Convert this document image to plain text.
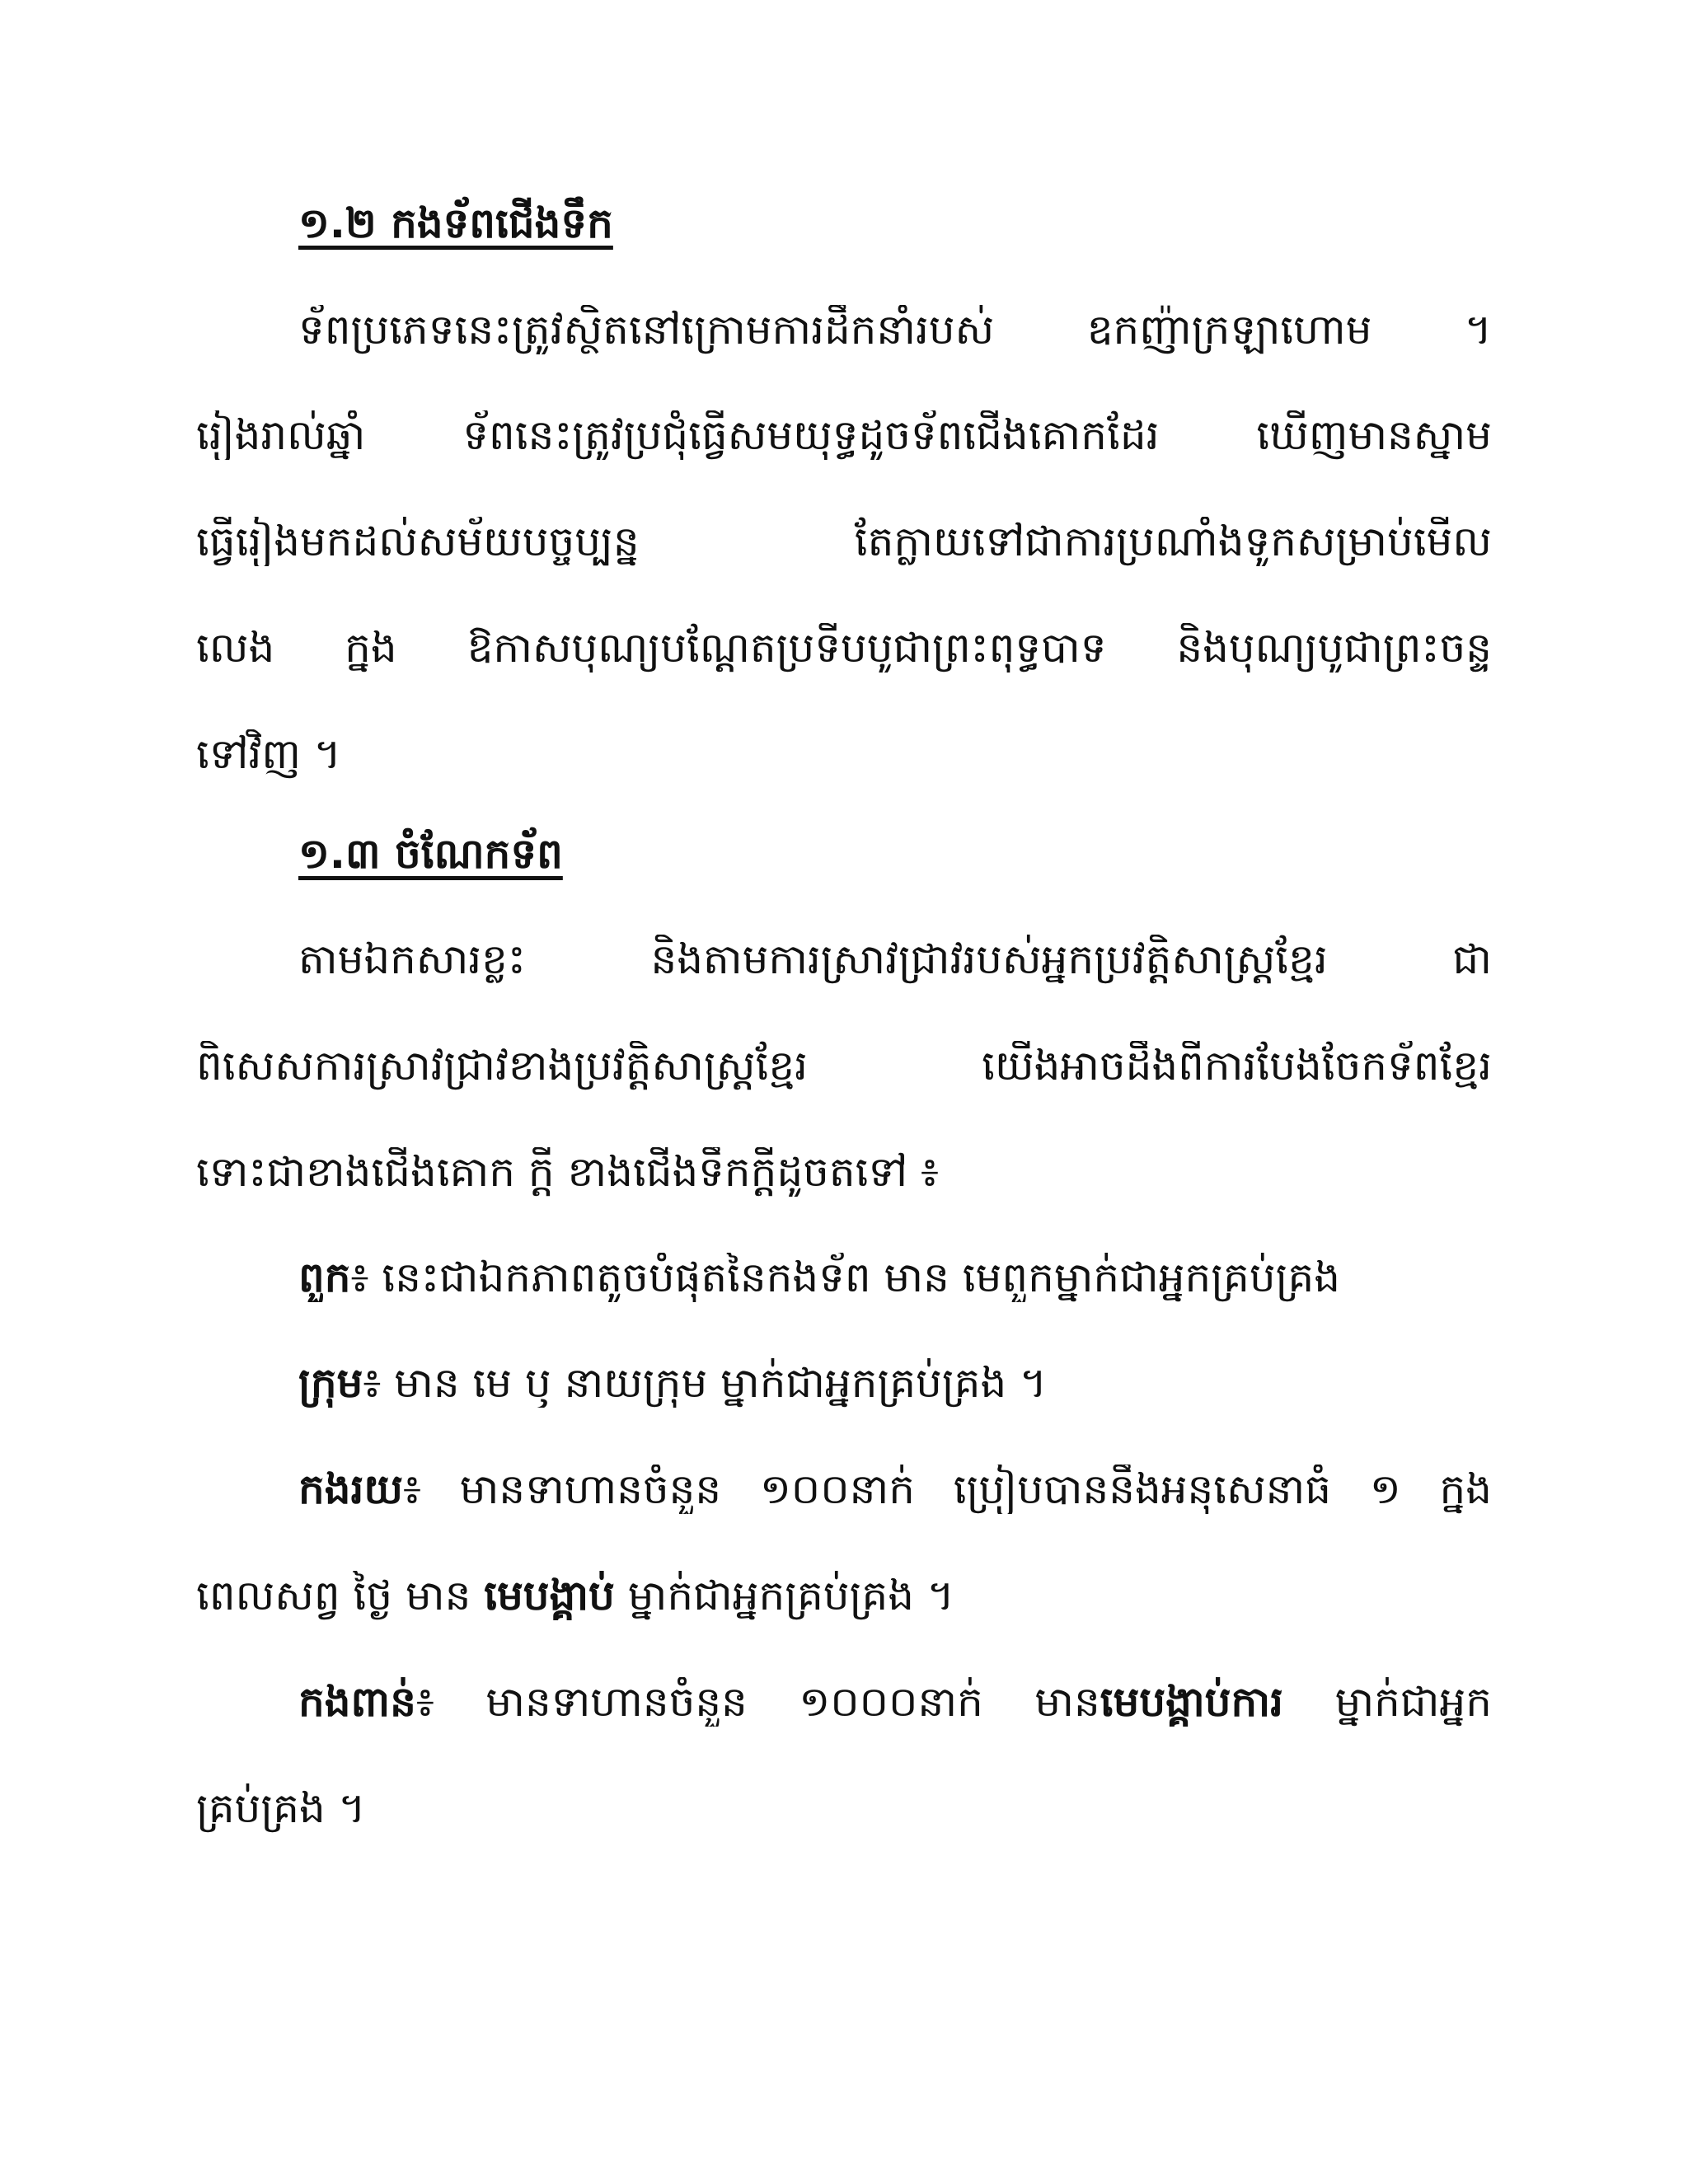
១.២ កងទ័ពជើងទឹក
ទ័ពប្រភេទនេះត្រូវស្ថិតនៅក្រោមការដឹកនាំរបស់ ឧកញ៉ាក្រឡាហោម ។
រៀងរាល់ឆ្នាំ ទ័ពនេះត្រូវប្រជុំធ្វើសមយុទ្ធដូចទ័ពជើងគោកដែរ ឃើញមានស្នាម
ធ្វើរៀងមកដល់សម័យបច្ចុប្បន្ន តែក្លាយទៅជាការប្រណាំងទូកសម្រាប់មើល
លេង ក្នុង ឱកាសបុណ្យបណ្តែតប្រទីបបូជាព្រះពុទ្ធបាទ និងបុណ្យបូជាព្រះចន្ទ
ទៅវិញ ។
១.៣ ចំណែកទ័ព
តាមឯកសារខ្លះ និងតាមការស្រាវជ្រាវរបស់អ្នកប្រវត្តិសាស្ត្រខ្មែរ ជា
ពិសេសការស្រាវជ្រាវខាងប្រវត្តិសាស្ត្រខ្មែរ យើងអាចដឹងពីការបែងចែកទ័ពខ្មែរ
ទោះជាខាងជើងគោក ក្តី ខាងជើងទឹកក្តីដូចតទៅ ៖
ពួក៖ នេះជាឯកភាពតូចបំផុតនៃកងទ័ព មាន មេពួកម្នាក់ជាអ្នកគ្រប់គ្រង
ក្រុម៖ មាន មេ ឫ នាយក្រុម ម្នាក់ជាអ្នកគ្រប់គ្រង ។
កងរយ៖ មានទាហានចំនួន ១០០នាក់ ប្រៀបបាននឹងអនុសេនាធំ ១ ក្នុង
ពេលសព្វ ថ្ងៃ មាន មេបង្គាប់ ម្នាក់ជាអ្នកគ្រប់គ្រង ។
កងពាន់៖ មានទាហានចំនួន ១០០០នាក់ មានមេបង្គាប់ការ ម្នាក់ជាអ្នក
គ្រប់គ្រង ។
